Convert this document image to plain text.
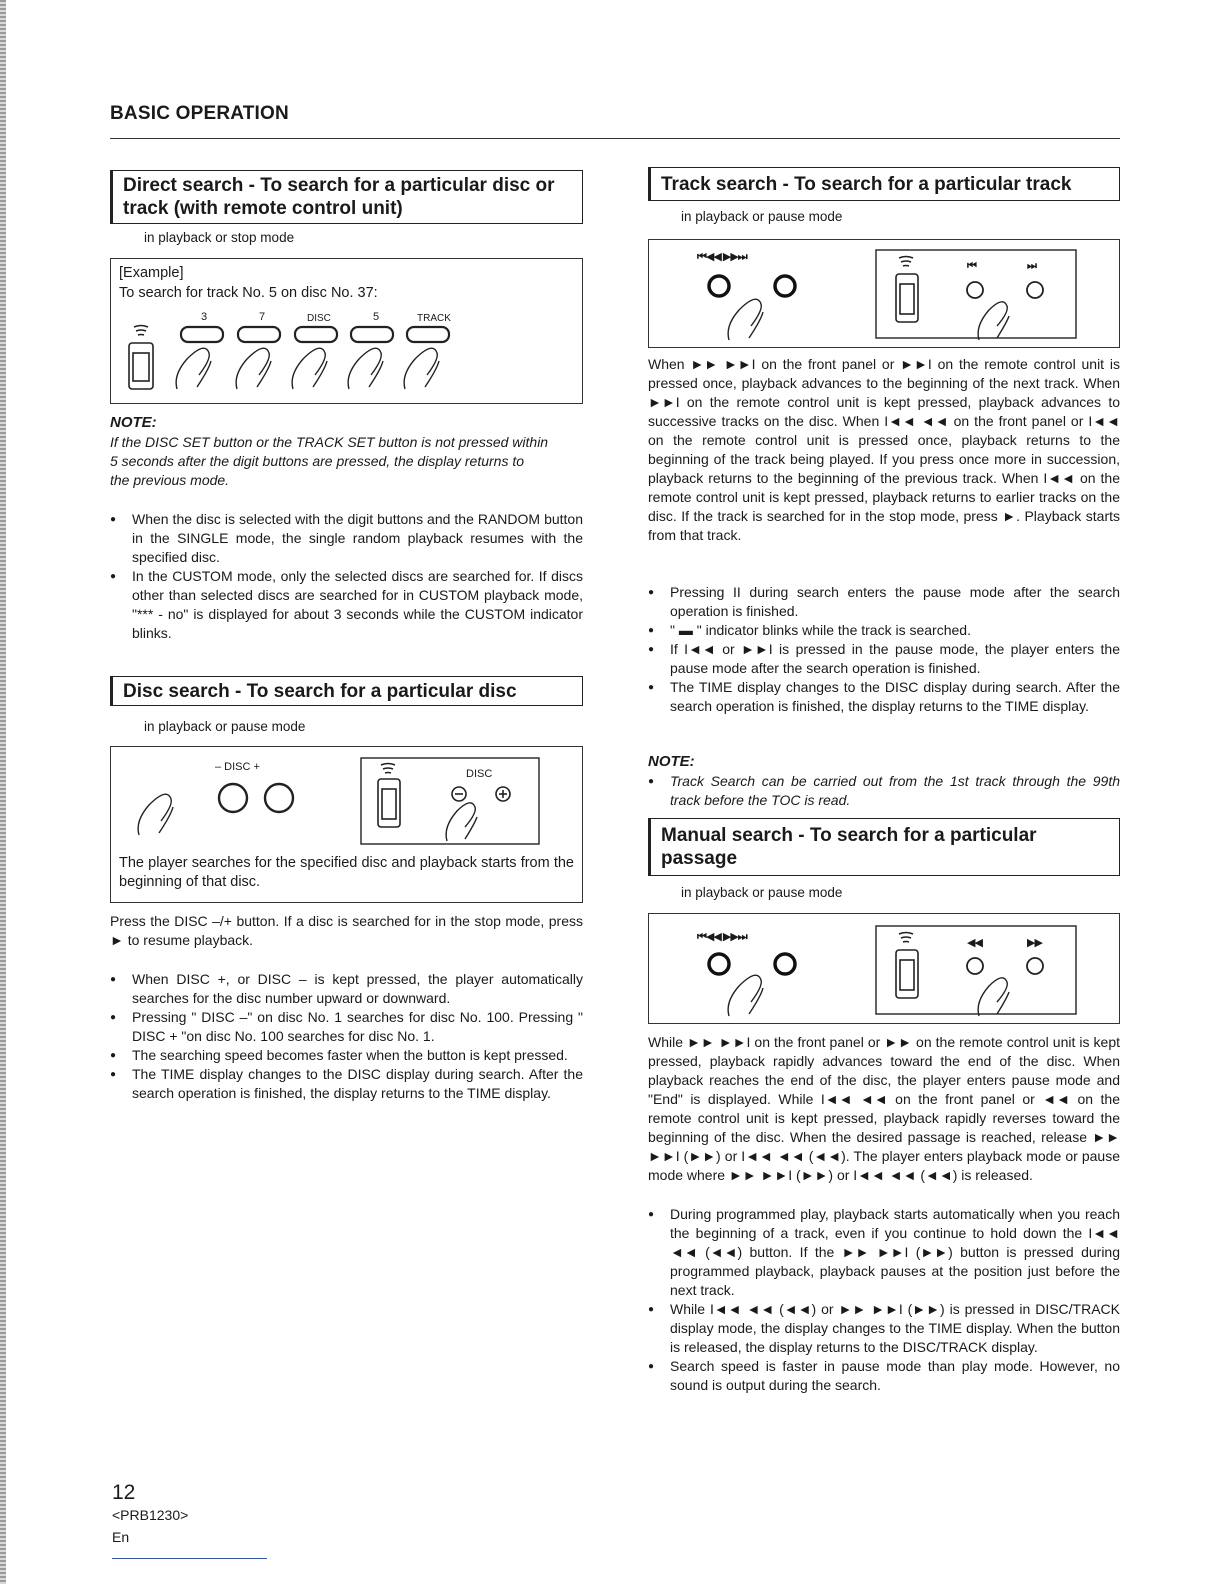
BASIC OPERATION
Direct search - To search for a particular disc or
track (with remote control unit)
in playback or stop mode
[Example]
To search for track No. 5 on disc No. 37:
3	7	DISC	5	TRACK
NOTE:
If the DISC SET button or the TRACK SET button is not pressed within
5 seconds after the digit buttons are pressed, the display returns to
the previous mode.
● When the disc is selected with the digit buttons and the RANDOM button in the SINGLE mode, the single random playback resumes with the specified disc.
● In the CUSTOM mode, only the selected discs are searched for. If discs other than selected discs are searched for in CUSTOM playback mode, "*** - no" is displayed for about 3 seconds while the CUSTOM indicator blinks.
Disc search - To search for a particular disc
in playback or pause mode
– DISC +
DISC
The player searches for the specified disc and playback starts from the beginning of that disc.
Press the DISC –/+ button. If a disc is searched for in the stop mode, press ► to resume playback.
● When DISC +, or DISC – is kept pressed, the player automatically searches for the disc number upward or downward.
● Pressing " DISC –" on disc No. 1 searches for disc No. 100. Pressing " DISC + "on disc No. 100 searches for disc No. 1.
● The searching speed becomes faster when the button is kept pressed.
● The TIME display changes to the DISC display during search. After the search operation is finished, the display returns to the TIME display.
Track search - To search for a particular track
in playback or pause mode
⏮◀◀ ▶▶⏭
⏮	⏭
When ►► ►►I on the front panel or ►►I on the remote control unit is pressed once, playback advances to the beginning of the next track. When ►►I on the remote control unit is kept pressed, playback advances to successive tracks on the disc. When I◄◄ ◄◄ on the front panel or I◄◄ on the remote control unit is pressed once, playback returns to the beginning of the track being played. If you press once more in succession, playback returns to the beginning of the previous track. When I◄◄ on the remote control unit is kept pressed, playback returns to earlier tracks on the disc. If the track is searched for in the stop mode, press ►. Playback starts from that track.
● Pressing II during search enters the pause mode after the search operation is finished.
● " ▬ " indicator blinks while the track is searched.
● If I◄◄ or ►►I is pressed in the pause mode, the player enters the pause mode after the search operation is finished.
● The TIME display changes to the DISC display during search. After the search operation is finished, the display returns to the TIME display.
NOTE:
● Track Search can be carried out from the 1st track through the 99th track before the TOC is read.
Manual search - To search for a particular
passage
in playback or pause mode
⏮◀◀ ▶▶⏭	◀◀	▶▶
While ►► ►►I on the front panel or ►► on the remote control unit is kept pressed, playback rapidly advances toward the end of the disc. When playback reaches the end of the disc, the player enters pause mode and "End" is displayed. While I◄◄ ◄◄ on the front panel or ◄◄ on the remote control unit is kept pressed, playback rapidly reverses toward the beginning of the disc. When the desired passage is reached, release ►► ►►I (►►) or I◄◄ ◄◄ (◄◄). The player enters playback mode or pause mode where ►► ►►I (►►) or I◄◄ ◄◄ (◄◄) is released.
● During programmed play, playback starts automatically when you reach the beginning of a track, even if you continue to hold down the I◄◄ ◄◄ (◄◄) button. If the ►► ►►I (►►) button is pressed during programmed playback, playback pauses at the position just before the next track.
● While I◄◄ ◄◄ (◄◄) or ►► ►►I (►►) is pressed in DISC/TRACK display mode, the display changes to the TIME display. When the button is released, the display returns to the DISC/TRACK display.
● Search speed is faster in pause mode than play mode. However, no sound is output during the search.
12
<PRB1230>
En
